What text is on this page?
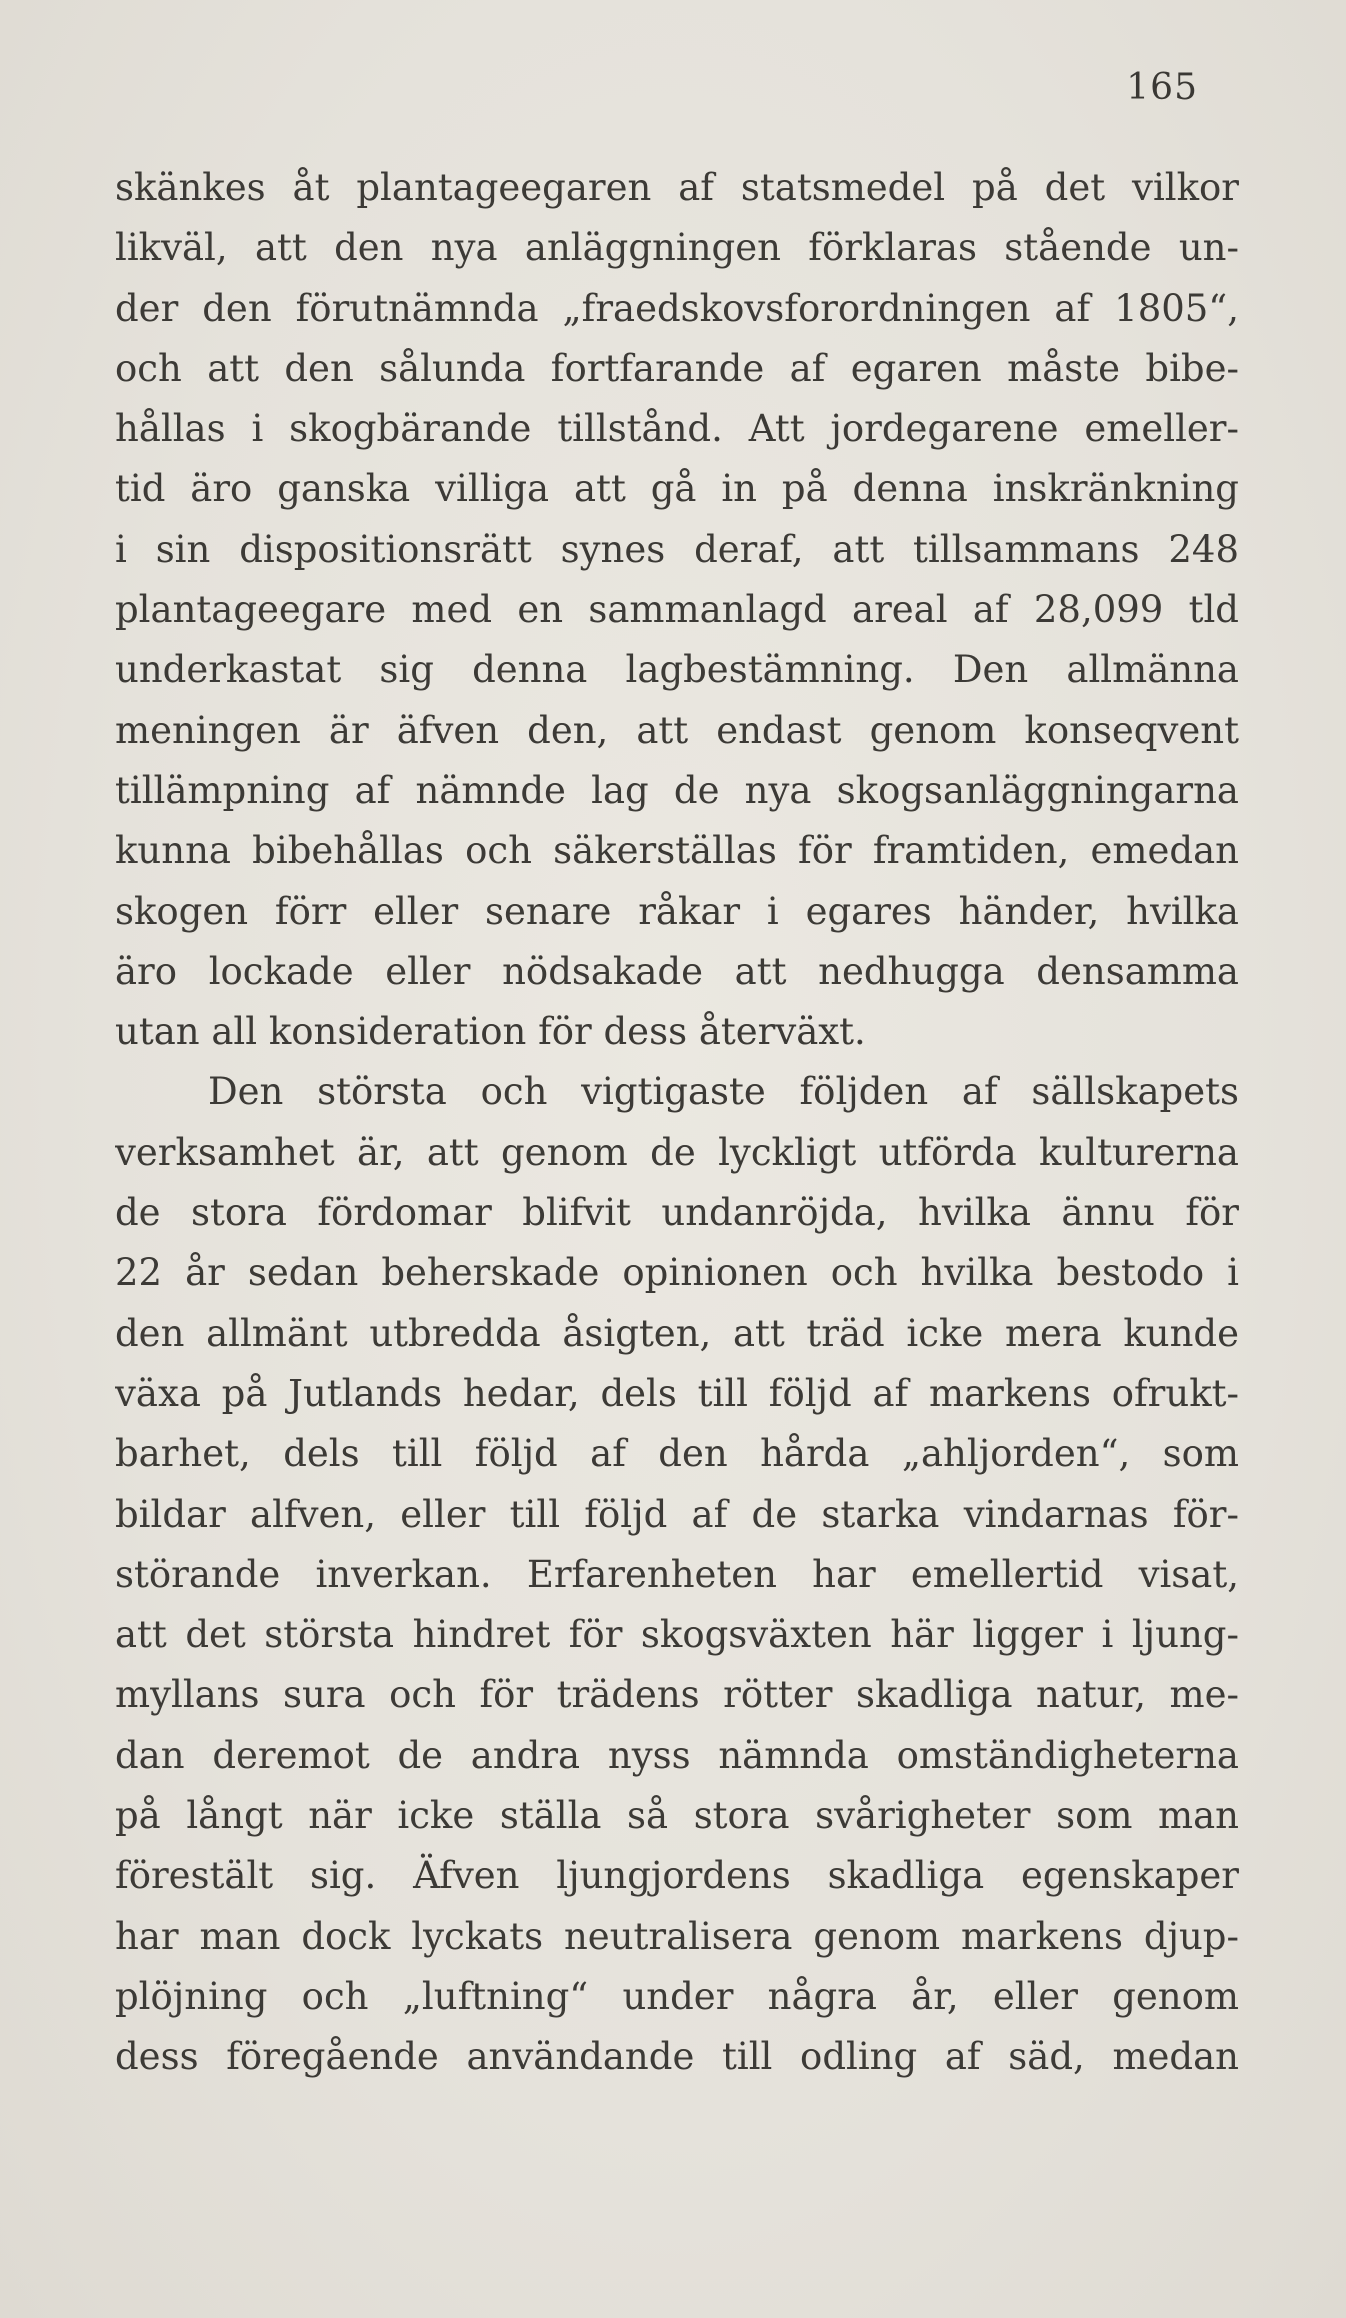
165
skänkes åt plantageegaren af statsmedel på det vilkor
likväl, att den nya anläggningen förklaras stående un-
der den förutnämnda „fraedskovsforordningen af 1805“,
och att den sålunda fortfarande af egaren måste bibe-
hållas i skogbärande tillstånd. Att jordegarene emeller-
tid äro ganska villiga att gå in på denna inskränkning
i sin dispositionsrätt synes deraf, att tillsammans 248
plantageegare med en sammanlagd areal af 28,099 tld
underkastat sig denna lagbestämning. Den allmänna
meningen är äfven den, att endast genom konseqvent
tillämpning af nämnde lag de nya skogsanläggningarna
kunna bibehållas och säkerställas för framtiden, emedan
skogen förr eller senare råkar i egares händer, hvilka
äro lockade eller nödsakade att nedhugga densamma
utan all konsideration för dess återväxt.
Den största och vigtigaste följden af sällskapets
verksamhet är, att genom de lyckligt utförda kulturerna
de stora fördomar blifvit undanröjda, hvilka ännu för
22 år sedan beherskade opinionen och hvilka bestodo i
den allmänt utbredda åsigten, att träd icke mera kunde
växa på Jutlands hedar, dels till följd af markens ofrukt-
barhet, dels till följd af den hårda „ahljorden“, som
bildar alfven, eller till följd af de starka vindarnas för-
störande inverkan. Erfarenheten har emellertid visat,
att det största hindret för skogsväxten här ligger i ljung-
myllans sura och för trädens rötter skadliga natur, me-
dan deremot de andra nyss nämnda omständigheterna
på långt när icke ställa så stora svårigheter som man
förestält sig. Äfven ljungjordens skadliga egenskaper
har man dock lyckats neutralisera genom markens djup-
plöjning och „luftning“ under några år, eller genom
dess föregående användande till odling af säd, medan
